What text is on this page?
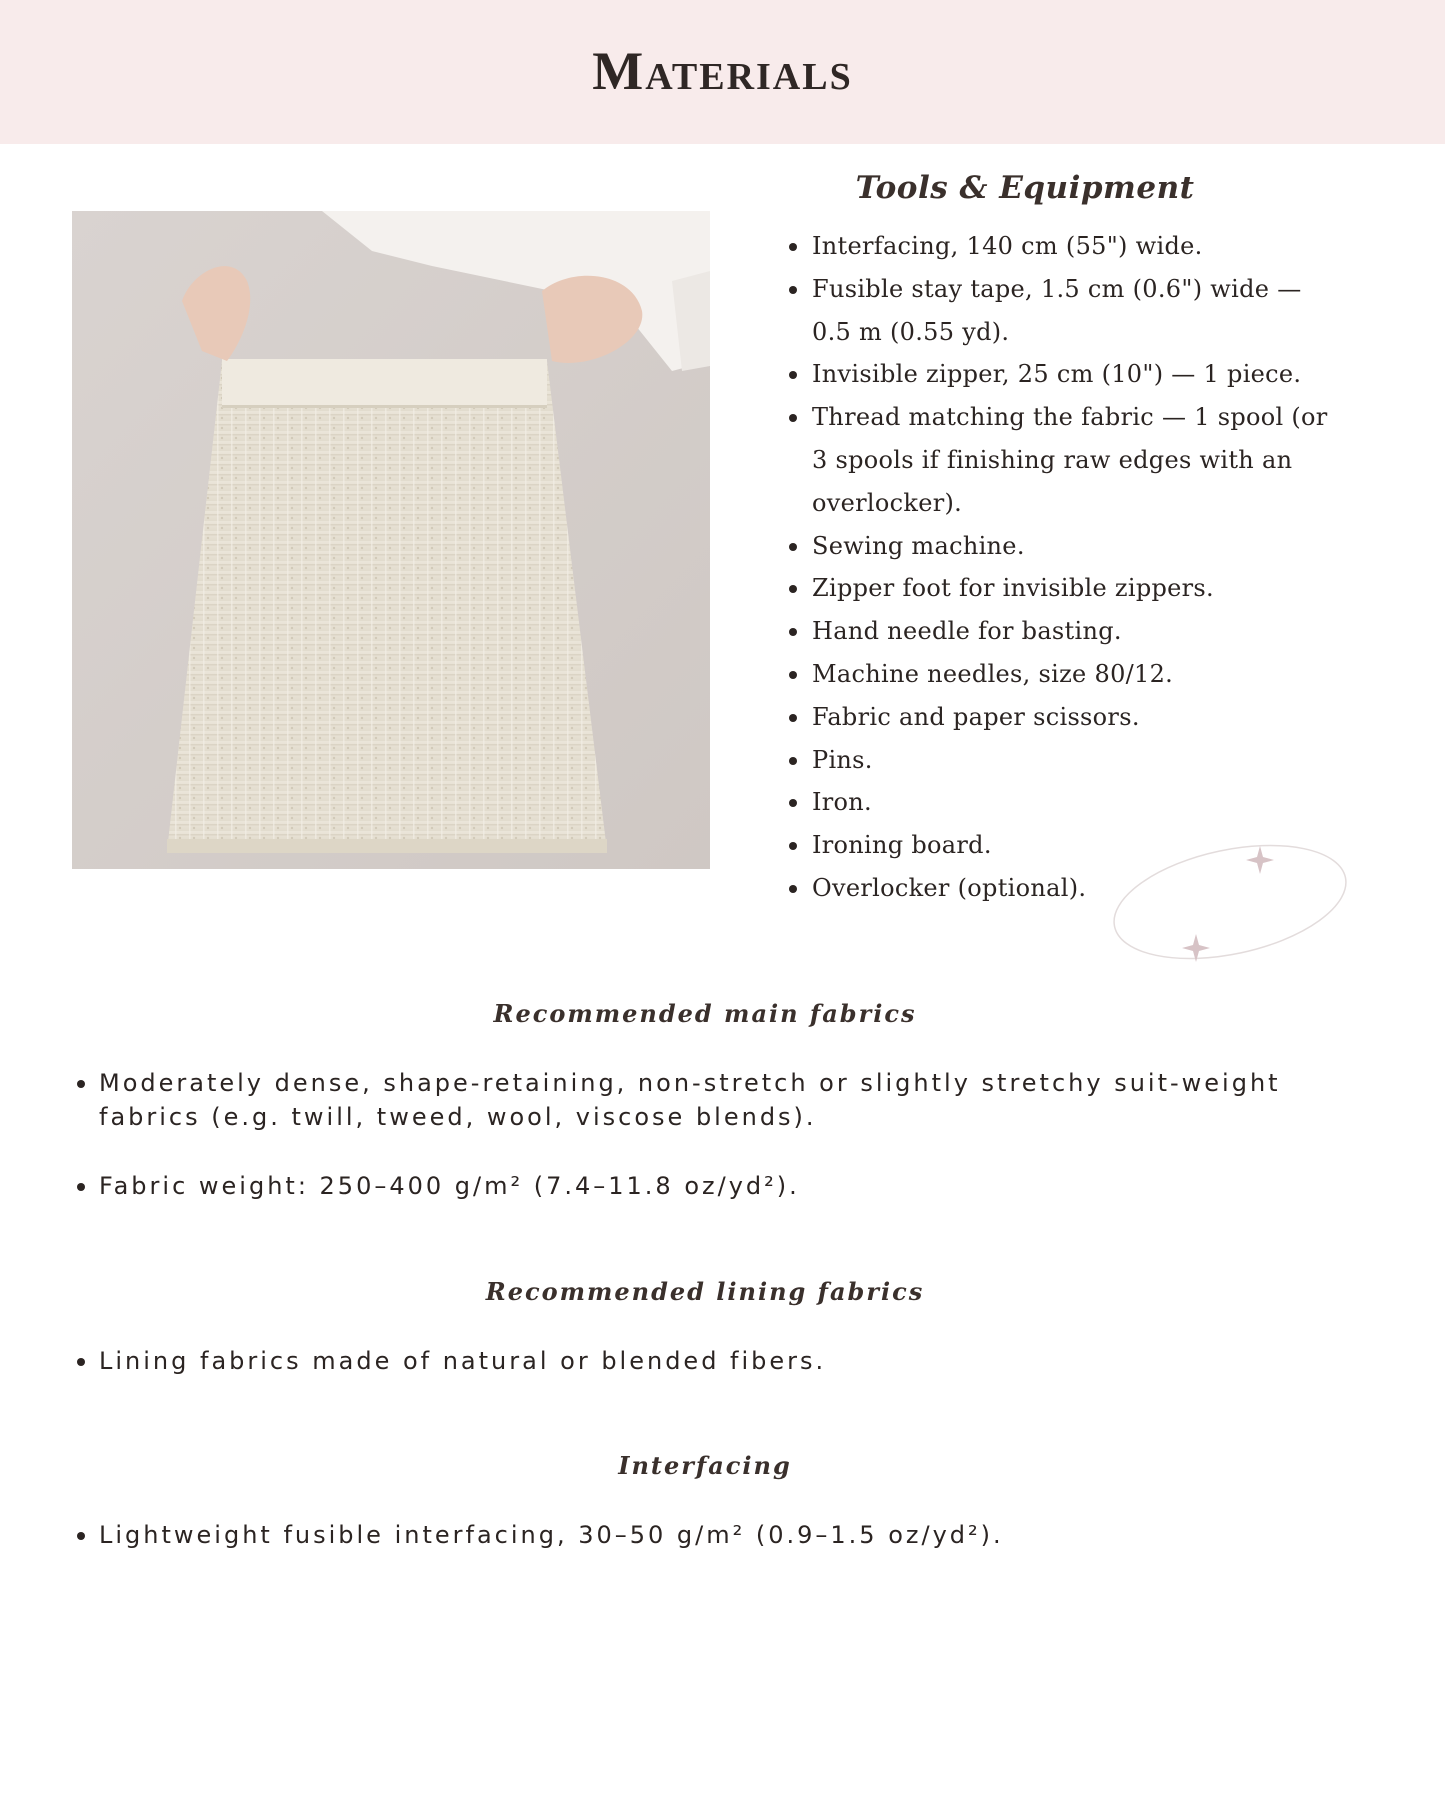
Materials
Tools & Equipment
Interfacing, 140 cm (55") wide.
Fusible stay tape, 1.5 cm (0.6") wide — 0.5 m (0.55 yd).
Invisible zipper, 25 cm (10") — 1 piece.
Thread matching the fabric — 1 spool (or 3 spools if finishing raw edges with an overlocker).
Sewing machine.
Zipper foot for invisible zippers.
Hand needle for basting.
Machine needles, size 80/12.
Fabric and paper scissors.
Pins.
Iron.
Ironing board.
Overlocker (optional).
Recommended main fabrics
Moderately dense, shape-retaining, non-stretch or slightly stretchy suit-weight fabrics (e.g. twill, tweed, wool, viscose blends).
Fabric weight: 250–400 g/m² (7.4–11.8 oz/yd²).
Recommended lining fabrics
Lining fabrics made of natural or blended fibers.
Interfacing
Lightweight fusible interfacing, 30–50 g/m² (0.9–1.5 oz/yd²).
